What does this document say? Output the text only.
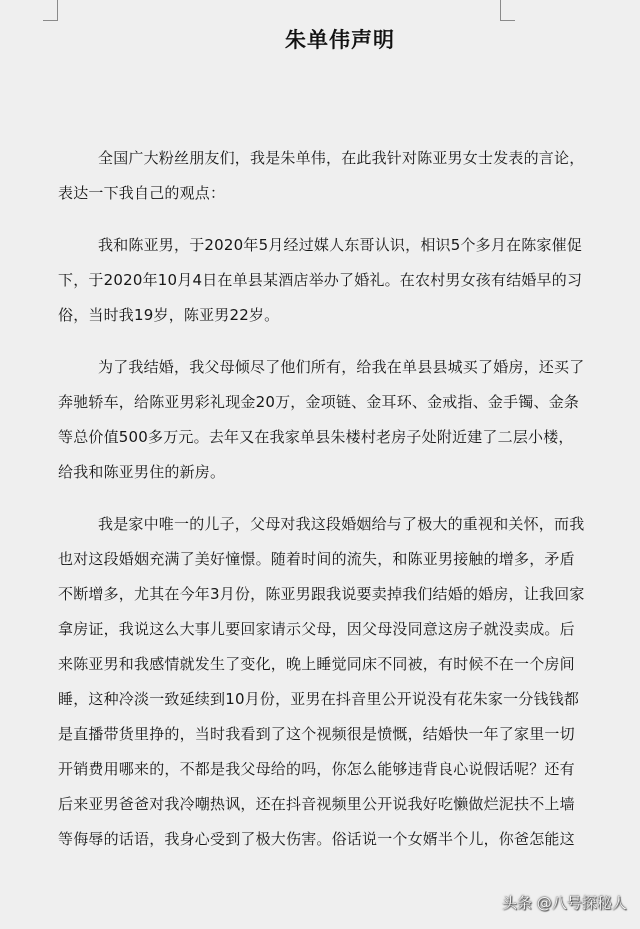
朱单伟声明
全国广大粉丝朋友们，我是朱单伟，在此我针对陈亚男女士发表的言论，
表达一下我自己的观点：
我和陈亚男，于2020年5月经过媒人东哥认识，相识5个多月在陈家催促
下，于2020年10月4日在单县某酒店举办了婚礼。在农村男女孩有结婚早的习
俗，当时我19岁，陈亚男22岁。
为了我结婚，我父母倾尽了他们所有，给我在单县县城买了婚房，还买了
奔驰轿车，给陈亚男彩礼现金20万，金项链、金耳环、金戒指、金手镯、金条
等总价值500多万元。去年又在我家单县朱楼村老房子处附近建了二层小楼，
给我和陈亚男住的新房。
我是家中唯一的儿子，父母对我这段婚姻给与了极大的重视和关怀，而我
也对这段婚姻充满了美好憧憬。随着时间的流失，和陈亚男接触的增多，矛盾
不断增多，尤其在今年3月份，陈亚男跟我说要卖掉我们结婚的婚房，让我回家
拿房证，我说这么大事儿要回家请示父母，因父母没同意这房子就没卖成。后
来陈亚男和我感情就发生了变化，晚上睡觉同床不同被，有时候不在一个房间
睡，这种冷淡一致延续到10月份，亚男在抖音里公开说没有花朱家一分钱钱都
是直播带货里挣的，当时我看到了这个视频很是愤慨，结婚快一年了家里一切
开销费用哪来的，不都是我父母给的吗，你怎么能够违背良心说假话呢？还有
后来亚男爸爸对我冷嘲热讽，还在抖音视频里公开说我好吃懒做烂泥扶不上墙
等侮辱的话语，我身心受到了极大伤害。俗话说一个女婿半个儿，你爸怎能这
头条 @八号探秘人
